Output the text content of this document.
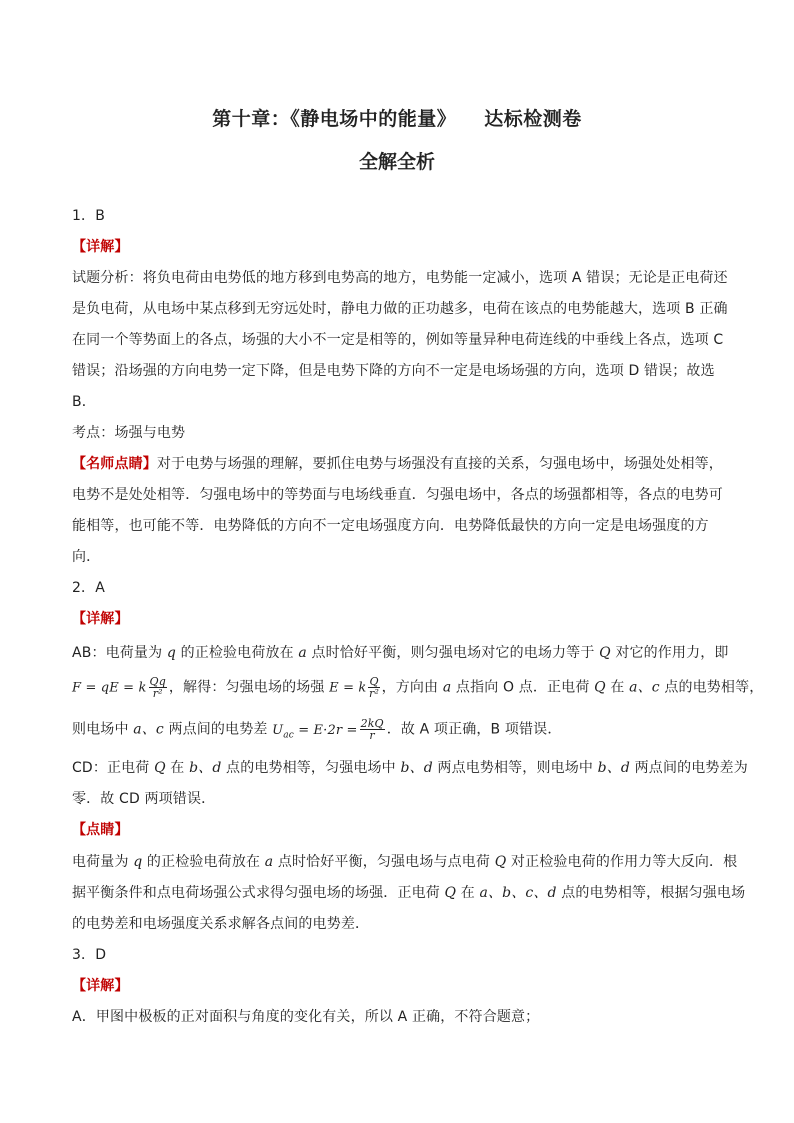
第十章：《静电场中的能量》 达标检测卷
全解全析
1．B
【详解】
试题分析：将负电荷由电势低的地方移到电势高的地方，电势能一定减小，选项 A 错误；无论是正电荷还
是负电荷，从电场中某点移到无穷远处时，静电力做的正功越多，电荷在该点的电势能越大，选项 B 正确
在同一个等势面上的各点，场强的大小不一定是相等的，例如等量异种电荷连线的中垂线上各点，选项 C
错误；沿场强的方向电势一定下降，但是电势下降的方向不一定是电场场强的方向，选项 D 错误；故选
B．
考点：场强与电势
【名师点睛】对于电势与场强的理解，要抓住电势与场强没有直接的关系，匀强电场中，场强处处相等，
电势不是处处相等．匀强电场中的等势面与电场线垂直．匀强电场中，各点的场强都相等，各点的电势可
能相等，也可能不等．电势降低的方向不一定电场强度方向．电势降低最快的方向一定是电场强度的方
向．
2．A
【详解】
AB：电荷量为 q 的正检验电荷放在 a 点时恰好平衡，则匀强电场对它的电场力等于 Q 对它的作用力，即
F = qE = k $\frac{Qq}{\text{r²}}$ ，解得：匀强电场的场强 E = k $\frac{Q}{\text{r²}}$ ，方向由 a 点指向 O 点．正电荷 Q 在 a、c 点的电势相等，
则电场中 a、c 两点间的电势差 $U_{ac} = E\cdot 2r = \frac{2kQ}{r}$ ．故 A 项正确，B 项错误．
CD：正电荷 Q 在 b、d 点的电势相等，匀强电场中 b、d 两点电势相等，则电场中 b、d 两点间的电势差为
零．故 CD 两项错误．
【点睛】
电荷量为 q 的正检验电荷放在 a 点时恰好平衡，匀强电场与点电荷 Q 对正检验电荷的作用力等大反向．根
据平衡条件和点电荷场强公式求得匀强电场的场强．正电荷 Q 在 a、b、c、d 点的电势相等，根据匀强电场
的电势差和电场强度关系求解各点间的电势差．
3．D
【详解】
A．甲图中极板的正对面积与角度的变化有关，所以 A 正确，不符合题意；
